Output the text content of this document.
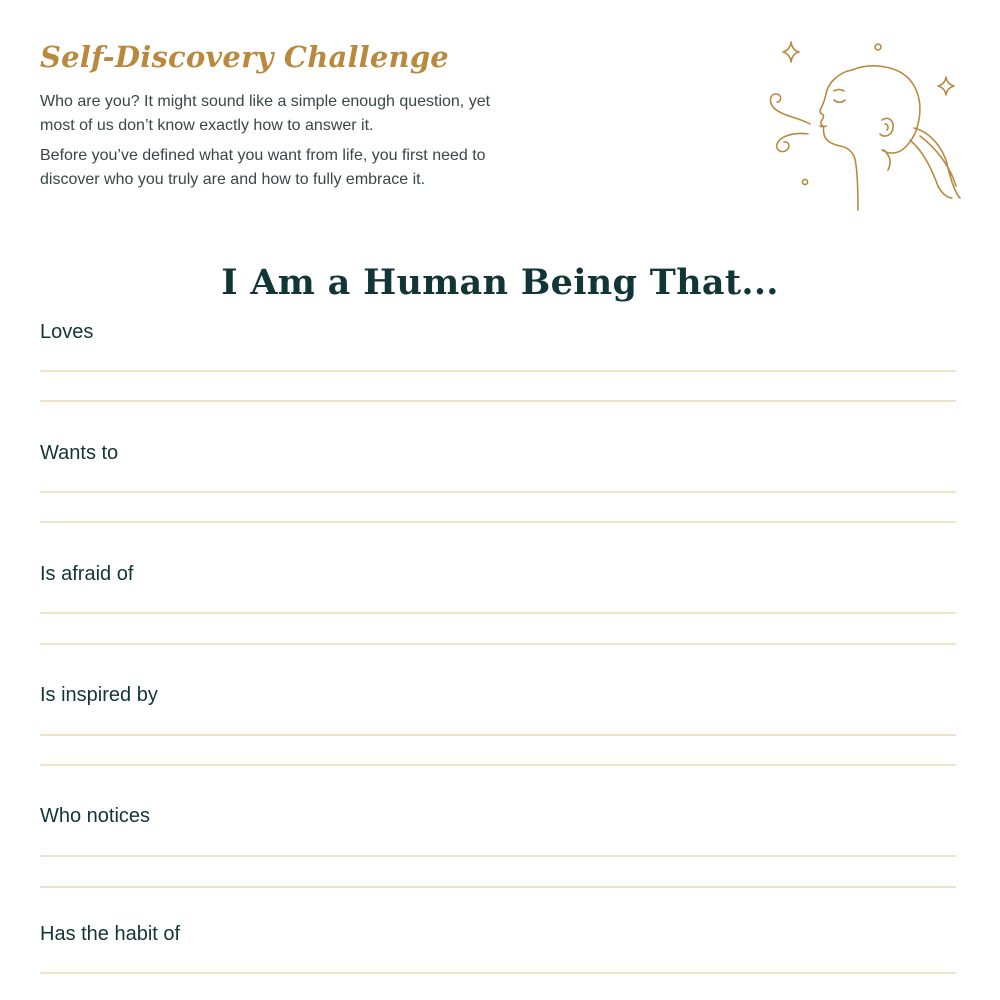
Self-Discovery Challenge

Who are you? It might sound like a simple enough question, yet most of us don’t know exactly how to answer it.

Before you’ve defined what you want from life, you first need to discover who you truly are and how to fully embrace it.

I Am a Human Being That...

Loves

Wants to

Is afraid of

Is inspired by

Who notices

Has the habit of
